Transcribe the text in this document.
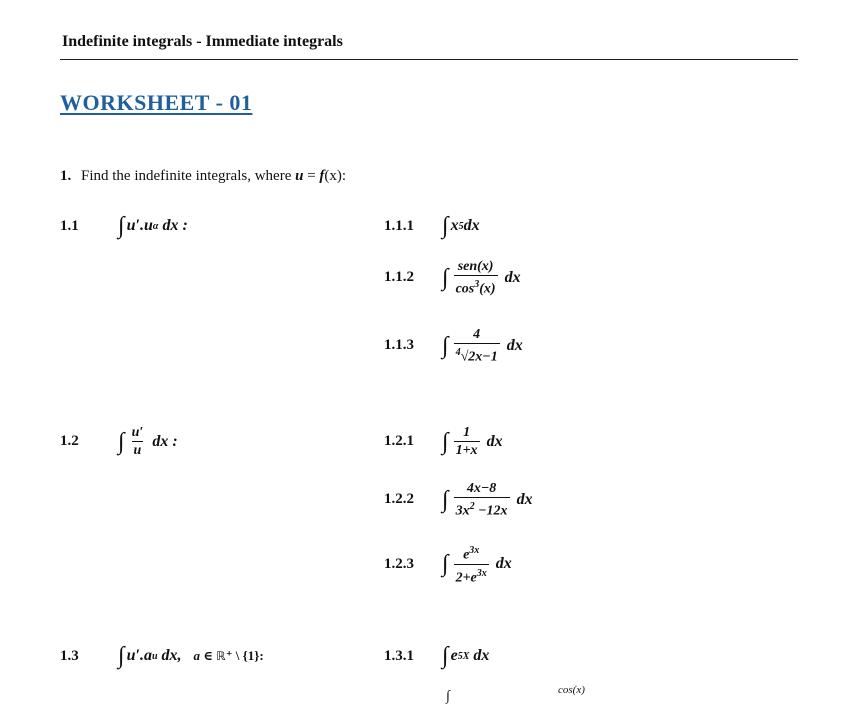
Indefinite integrals - Immediate integrals
WORKSHEET - 01
1. Find the indefinite integrals, where u = f(x):
1.1	∫ u ′. u α dx :	1.1.1	∫ x 5 dx
1.1.2	∫ $\frac{\text{sen(x)}}{\cos^3(x)}$ dx
1.1.3	∫ $\frac{4}{^4√2x-1}$ dx
1.2	∫ $\frac{u'}{u}$ dx :	1.2.1	∫ $\frac{1}{1+x}$ dx
1.2.2	∫ $\frac{4x-8}{3x^2 -12x}$ dx
1.2.3	∫ $\frac{e^{3x}}{2+e^{3x}}$ dx
1.3	∫ u ′. a u dx, a ∈ ℝ⁺ \ {1}:	1.3.1	∫ e 5X dx
cos(x)
∫
